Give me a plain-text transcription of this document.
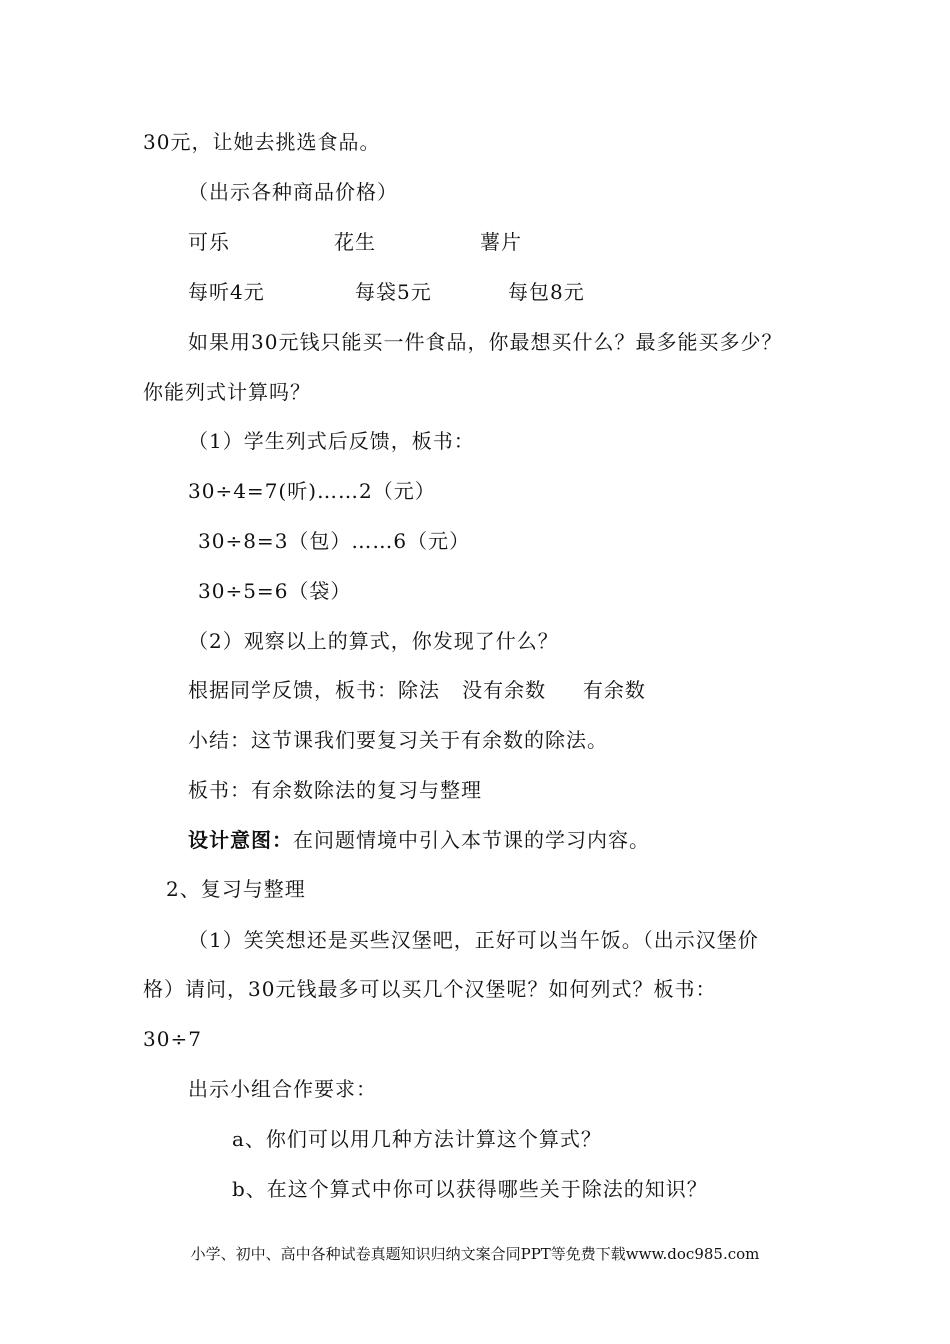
30元，让她去挑选食品。
（出示各种商品价格）
可乐	花生	薯片
每听4元	每袋5元	每包8元
如果用30元钱只能买一件食品，你最想买什么？最多能买多少？
你能列式计算吗？
（1）学生列式后反馈，板书：
30÷4=7(听)……2（元）
30÷8=3（包）……6（元）
30÷5=6（袋）
（2）观察以上的算式，你发现了什么？
根据同学反馈，板书：除法   没有余数     有余数
小结：这节课我们要复习关于有余数的除法。
板书：有余数除法的复习与整理
设计意图：在问题情境中引入本节课的学习内容。
2、复习与整理
（1）笑笑想还是买些汉堡吧，正好可以当午饭。（出示汉堡价
格）请问，30元钱最多可以买几个汉堡呢？如何列式？板书：
30÷7
出示小组合作要求：
a、你们可以用几种方法计算这个算式？
b、在这个算式中你可以获得哪些关于除法的知识？
小学、初中、高中各种试卷真题知识归纳文案合同PPT等免费下载www.doc985.com
